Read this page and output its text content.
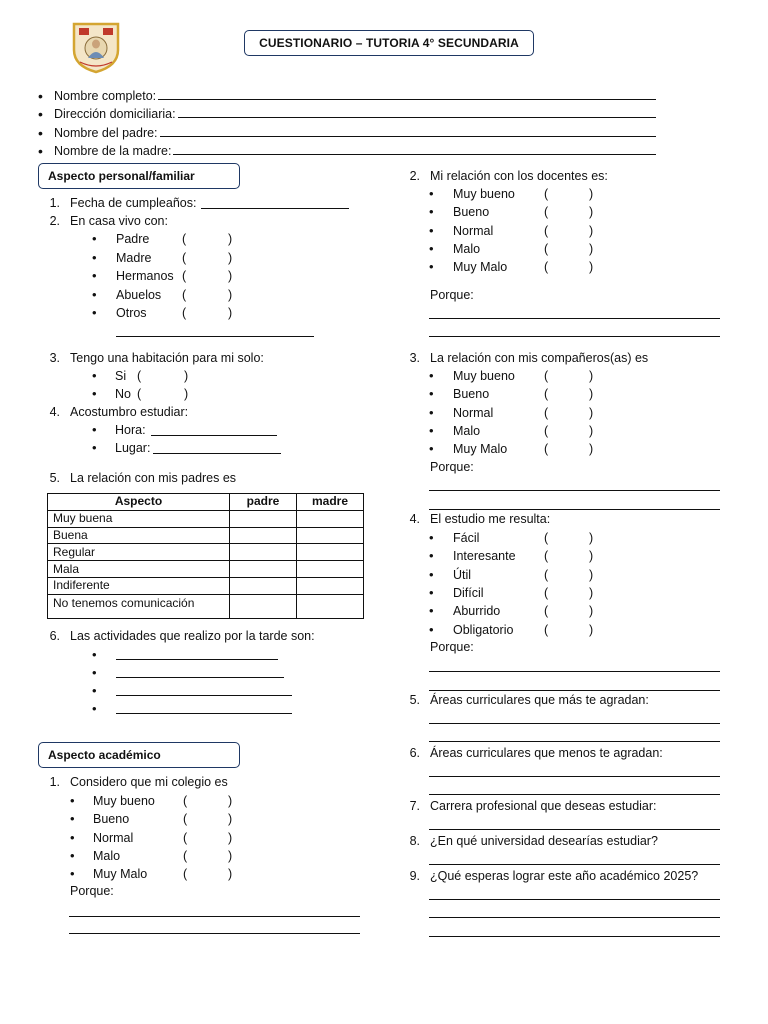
CUESTIONARIO – TUTORIA 4° SECUNDARIA
• Nombre completo:
• Dirección domiciliaria:
• Nombre del padre:
• Nombre de la madre:
Aspecto personal/familiar
1. Fecha de cumpleaños:
2. En casa vivo con:
3. Tengo una habitación para mi solo:
• Si (	)
• No (	)
4. Acostumbro estudiar:
• Hora:
• Lugar:
5. La relación con mis padres es
Aspecto	padre	madre
Muy buena		
Buena		
Regular		
Mala		
Indiferente		
No tenemos comunicación		
6. Las actividades que realizo por la tarde son:
•
•
•
•
Aspecto académico
1. Considero que mi colegio es
Porque:
• Padre	(	)
• Madre (	)
• Hermanos (	)
• Abuelos (	)
• Otros	(	)
• Muy bueno (	)
• Bueno	(	)
• Normal	(	)
• Malo	(	)
• Muy Malo	(	)
2. Mi relación con los docentes es:
• Muy bueno (	)
• Bueno	(	)
• Normal	(	)
• Malo	(	)
• Muy Malo	(	)
Porque:
3. La relación con mis compañeros(as) es
• Muy bueno (	)
• Bueno	(	)
• Normal	(	)
• Malo	(	)
• Muy Malo	(	)
Porque:
4. El estudio me resulta:
• Fácil	(	)
• Interesante (	)
• Útil	(	)
• Difícil	(	)
• Aburrido	(	)
• Obligatorio (	)
Porque:
5. Áreas curriculares que más te agradan:
6. Áreas curriculares que menos te agradan:
7. Carrera profesional que deseas estudiar:
8. ¿En qué universidad desearías estudiar?
9. ¿Qué esperas lograr este año académico 2025?
